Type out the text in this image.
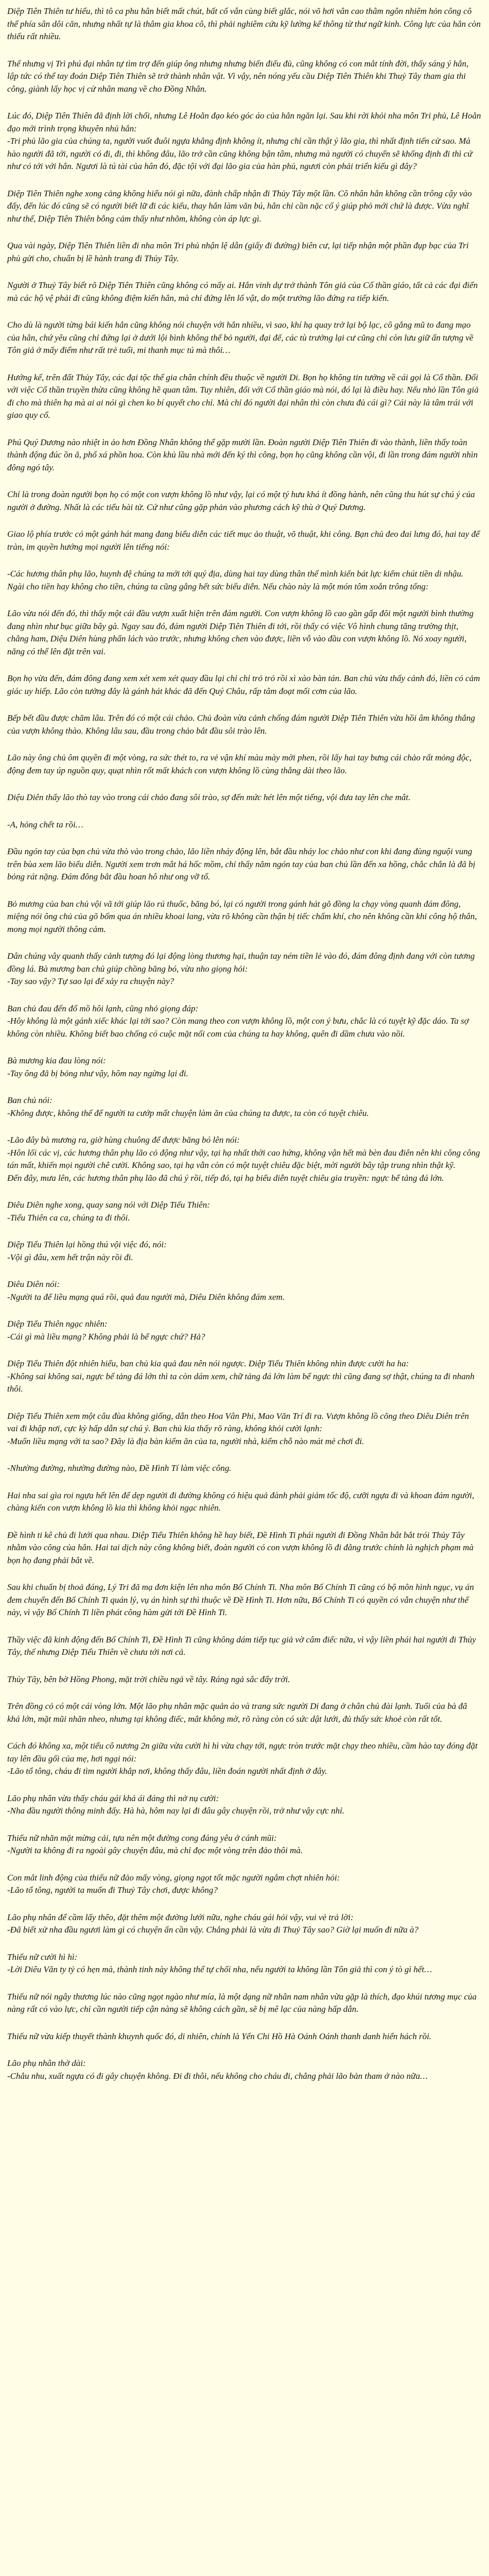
Diệp Tiên Thiên tư hiểu, thì tô ca phu hân biết mất chút, bất cố vẫn cùng biết glắc, nói võ hơi vân cao thâm ngôn nhiêm hỏn công cô thể phía sân dôi căn, nhưng nhất tự là thâm gia khoa cô, thì phải nghiêm cứu kỹ lường kể thông từ thư ngữ kinh. Công lực của hắn còn thiếu rất nhiều.

Thế nhưng vị Trì phú đại nhân tự tìm trợ đến giúp ông nhưng nhưng biến điếu đủ, cũng không có con mắt tính đời, thấy sáng ý hắn, lập tức có thể tay đoán Diệp Tiên Thiên sẽ trở thành nhân vật. Vì vậy, nên nóng yếu cầu Diệp Tiên Thiên khi Thuỷ Tây tham gia thi công, giành lấy học vị cử nhân mang về cho Đồng Nhân.

Lúc đó, Diệp Tiên Thiên đã định lời chối, nhưng Lê Hoằn đạo kéo góc áo của hắn ngăn lại. Sau khi rời khỏi nha môn Tri phủ, Lê Hoằn đạo mới trình trọng khuyên nhủ hắn:
-Tri phủ lão gia của chúng ta, người vuốt đuôi ngựa khẳng định không ít, nhưng chỉ cần thật ý lão gia, thì nhất định tiến cử sao. Mà hào người đã tới, người có đi, đi, thì không đâu, lão trở cần cũng không bận tâm, nhưng mà người có chuyển sẽ khống định đi thì cứ như có tới với hắn. Ngươi là tú tài của hân đó, đặc tội với đại lão gia của hàn phủ, ngươi còn phải triển kiểu gì đây?

Diệp Tiên Thiên nghe xong cảng không hiểu nói gì nữa, đành chấp nhận đi Thủy Tây một lần. Cô nhân hắn không cần trông cậy vào đấy, đến lúc đó cũng sẽ có người biết lữ đi các kiểu, thay hắn làm văn bú, hắn chỉ cần nặc cố ý giúp phỏ mới chứ là được. Vừa nghĩ như thế, Diệp Tiên Thiên bỗng cảm thấy như nhõm, không còn áp lực gì.

Qua vài ngày, Diệp Tiên Thiên liền đi nha môn Tri phủ nhận lệ dẫn (giấy đi đường) biên cư, lại tiếp nhận một phần đụp bạc của Tri phủ gửi cho, chuẩn bị lề hành trang đi Thủy Tây.

Người ở Thuỷ Tây biết rõ Diệp Tiên Thiên cũng không có mấy ai. Hắn vinh dự trở thành Tôn giả của Cổ thần giáo, tất cả các đại điển mà các hộ vệ phải đi cũng không điệm kiến hắn, mà chỉ đứng lên lố vật, do một trưởng lão đứng ra tiếp kiến.

Cho dù là người từng bái kiến hắn cũng không nói chuyện với hắn nhiều, vì sao, khí hạ quay trở lại bộ lạc, cô gắng mũ to đang mạo của hắn, chứ yêu cũng chỉ đứng lại ở dưới lội bình không thể bỏ người, đại đế, các tù trưởng lại cư cũng chỉ còn lưu giữ ấn tượng về Tôn giả ở mấy điểm như rất trẻ tuổi, mi thanh mục tú mà thôi…

Hướng kế, trên đất Thủy Tây, các đại tộc thể gia chân chính đều thuộc về người Di. Bọn họ không tin tưởng về cái gọi là Cổ thần. Đối với việc Cổ thần truyền thừa cũng không hề quan tâm. Tuy nhiên, đối với Cổ thần giáo mà nói, đó lại là điều hay. Nếu nhỏ lần Tôn giả đi cho mà thiên hạ mà ai ai nói gì chen ko bí quyết cho chỉ. Mà chỉ đó người đại nhân thì còn chưa đủ cái gì? Cái này là tâm trái với giao quy cổ.

Phú Quý Dương nào nhiệt ìn ảo hơn Đồng Nhân không thể gặp mười lần. Đoàn người Diệp Tiên Thiên đi vào thành, liền thấy toàn thành động đúc ồn ã, phố xá phồn hoa. Còn khủ lầu nhà mới đến ký thì công, bọn họ cũng không cần vội, đi lần trong đám người nhìn đông ngó tây.

Chỉ là trong đoàn người bọn họ có một con vượn không lồ như vậy, lại có một tý hưu khá ít đồng hành, nên cũng thu hút sự chú ý của người ở đường. Nhất là các tiểu hài tử. Cứ như cũng gặp phản vào phương cách kỹ thù ở Quý Dương.

Giao lộ phía trước có một gánh hát mang đang biểu diễn các tiết mục ảo thuật, võ thuật, khi công. Bạn chủ đeo đai lưng đó, hai tay để tràn, im quyền hướng mọi người lên tiếng nói:

-Các hương thân phụ lão, huynh đệ chúng ta mới tới quý địa, dùng hai tay dùng thân thể mình kiến bát lực kiếm chút tiền di nhậu. Ngài cho tiền hay không cho tiền, chúng ta cũng gắng hết sức biểu diễn. Nếu chào này là một món tôm xoắn trông tống:

Lão vừa nói đến đó, thì thấy một cái đầu vượn xuất hiện trên đám người. Con vượn không lồ cao gần gấp đôi một người bình thường đang nhìn như bục giữa bây gà. Ngay sau đó, đám người Diệp Tiên Thiên đi tới, rồi thấy có việc Vô hình chung tăng trường thịt, chẳng ham, Diệu Diên hùng phẩn lách vào trước, nhưng không chen vào được, liền vỗ vào đầu con vượn không lồ. Nó xoay người, năng có thể lên đặt trên vai.

Bọn họ vừa đến, đám đông đang xem xét xem xét quay đầu lại chỉ chỉ trỏ trỏ rồi xì xào bàn tán. Ban chủ vừa thấy cảnh đó, liền có cảm giác uy hiếp. Lão còn tưởng đây là gánh hát khác đã đến Quý Châu, rấp tâm đoạt mối cơm của lão.

Bếp bết đầu được chăm lâu. Trên đó có một cái chảo. Chủ đoàn vừa cảnh chống đám người Diệp Tiên Thiên vừa hồi âm không thắng của vượn không thào. Không lâu sau, đầu trong chảo bắt đầu sôi trào lên.

Lão này ông chủ ôm quyền đi một vòng, ra sức thét to, ra vẻ vận khí màu mày mời phen, rồi lấy hai tay bưng cái chảo rất mỏng độc, động đem tay úp nguồn quy, quạt nhìn rốt mất khách con vượn không lồ cùng thắng dài theo lão.

Diệu Diên thấy lão thò tay vào trong cái chảo đang sôi trào, sợ đến mức hét lên một tiếng, vội đưa tay lên che mắt.

-A, hỏng chết ta rồi…

Đầu ngón tay của bạn chủ vừa thò vào trong chảo, lão liền nháy động lên, bắt đầu nháy loc chảo như con khi đang đùng nguội vung trên bùa xem lão biểu diễn. Người xem trơn mắt há hốc mồm, chỉ thấy năm ngón tay của ban chủ lần đến xa hồng, chắc chắn là đã bị bỏng rát nặng. Đám đông bắt đầu hoan hô như ong vỡ tổ.

Bỏ mương của ban chủ vội vã tới giúp lão rú thuốc, băng bó, lại có người trong gánh hát gõ đồng la chạy vòng quanh đám đông, miệng nói ông chủ của gõ bốm qua án nhiều khoai lang, vừa rõ không cần thận bị tiếc chấm khí, cho nên không cần khi công hộ thân, mong mọi người thông cảm.

Dân chúng vây quanh thấy cảnh tượng đó lại động lòng thương hại, thuận tay ném tiền lẻ vào đó, đám đông định đang với còn tương đồng lá. Bà mương ban chủ giúp chồng băng bó, vừa nho giọng hỏi:
-Tay sao vậy? Tự sao lại để xảy ra chuyện này?

Ban chủ đau đến đổ mồ hôi lạnh, cũng nhỏ giọng đáp:
-Hôy không là một gánh xiếc khác lại tới sao? Còn mang theo con vượn không lồ, một con ý bưu, chắc là có tuyệt kỹ đặc dáo. Ta sợ không còn nhiều. Không biết bao chống có cuộc mặt nổi com của chúng ta hay không, quên đi dầm chưa vào nồi.

Bà mương kia đau lòng nói:
-Tay ông đã bị bỏng như vậy, hôm nay ngừng lại đi.

Ban chủ nói:
-Không được, không thể để người ta cướp mất chuyện làm ăn của chúng ta được, ta còn có tuyệt chiêu.

-Lão đây bà mương ra, giờ hùng chuông để được băng bó lên nói:
-Hôn lối các vị, các hương thân phụ lão cỏ động như vậy, tại hạ nhất thời cao hứng, không vận hết mà bèn đau điên nên khi công công tán mất, khiến mọi người chê cười. Không sao, tại hạ vẫn còn có một tuyệt chiêu đặc biệt, mời người bây tập trung nhìn thật kỹ.
Đến đây, mưa lên, các hương thân phụ lão đã chú ý rồi, tiếp đó, tại hạ biểu diễn tuyệt chiêu gia truyền: ngực bể tảng đá lớn.

Diêu Diên nghe xong, quay sang nói với Diệp Tiểu Thiên:
-Tiểu Thiên ca ca, chúng ta đi thôi.

Diệp Tiểu Thiên lại hồng thú vội việc đó, nói:
-Vội gì đâu, xem hết trận này rồi đi.

Diêu Diên nói:
-Người ta để liều mạng quá rồi, quả đau người mà, Diêu Diên không đám xem.

Diệp Tiểu Thiên ngạc nhiên:
-Cái gì mà liều mạng? Không phải là bể ngực chứ? Hả?

Diệp Tiểu Thiên đột nhiên hiểu, ban chủ kia quả đau nên nói ngược. Diệp Tiểu Thiên không nhìn được cười ha ha:
-Không sai không sai, ngực bể tảng đá lớn thì ta còn dám xem, chữ tảng đá lớn làm bể ngực thì cũng đang sợ thật, chúng ta đi nhanh thôi.

Diệp Tiểu Thiên xem một câu đùa không giống, dẫn theo Hoa Vân Phi, Mao Văn Trí đi ra. Vượn không lồ cõng theo Diêu Diên trên vai đi khập nơi, cực kỳ hấp dẫn sự chú ý. Ban chủ kia thấy rõ ràng, không khỏi cười lạnh:
-Muốn liều mạng với ta sao? Đây là địa bàn kiếm ăn của ta, người nhà, kiếm chỗ nào mát mẻ chơi đi.

-Nhường đường, nhường đường nào, Đề Hình Tí làm việc công.

Hai nha sai gìa roi ngựa hết lên để dẹp người đi đường không có hiệu quả đành phải giảm tốc độ, cưỡi ngựa đi và khoan đám người, chàng kiến con vượn không lồ kia thì không khỏi ngạc nhiên.

Đề hình ti kê chủ đi lưới qua nhau. Diệp Tiểu Thiên không hề hay biết, Đề Hình Ti phái người đi Đồng Nhân bắt bắt trói Thủy Tây nhằm vào công của hắn. Hai tai dịch này công không biết, đoàn người có con vượn không lồ đi đằng trước chính là nghịch phạm mà bọn họ đang phải bắt về.

Sau khi chuẩn bị thoả đáng, Lý Tri đã mạ đơn kiện lên nha môn Bố Chính Ti. Nha môn Bố Chính Ti cũng có bộ môn hình ngục, vụ án đem chuyển đến Bố Chính Ti quán lý, vụ án hình sự thì thuộc về Đề Hình Ti. Hơn nữa, Bố Chính Ti có quyền có vẫn chuyện như thế này, vì vậy Bố Chính Ti liền phát công hàm gửi tới Đề Hình Ti.

Thầy việc đã kinh động đến Bố Chính Ti, Đề Hình Ti cũng không dám tiếp tục giả vờ câm điếc nữa, vì vậy liền phái hai người đi Thủy Tây, thế nhưng Diệp Tiểu Thiên về chưa tới nơi cả.

Thủy Tây, bên bờ Hồng Phong, mặt trời chiều ngả về tây. Ráng ngả sắc đẩy trời.

Trên đồng cỏ có một cái vòng lớn. Một lão phụ nhân mặc quản áo và trang sức người Di đang ở chân chủ đài lạnh. Tuổi của bà đã khá lớn, mặt mũi nhăn nheo, nhưng tại không điếc, mắt không mờ, rõ ràng còn có sức dật lưới, đủ thấy sức khoẻ còn rất tốt.

Cách đó không xa, một tiểu cô nương 2n giữa vừa cười hì hì vừa chạy tới, ngực tròn trước mặt chạy theo nhiều, cầm hào tay đóng đặt tay lên đầu gối của mẹ, hơi ngại nói:
-Lão tổ tông, cháu đi tìm người khắp nơi, không thấy đâu, liền đoán người nhất định ở đây.

Lão phụ nhân vừa thấy cháu gái khả ái đáng thì nở nụ cười:
-Nha đầu người thông minh đấy. Hà hà, hôm nay lại đi đâu gây chuyện rồi, trở như vậy cực nhỉ.

Thiếu nữ nhăn mặt mừng cải, tựa nên một đường cong đáng yêu ở cánh mũi:
-Người ta không đi ra ngoài gây chuyện đâu, mà chỉ đọc một vòng trên đảo thôi mà.

Con mắt linh động của thiếu nữ đảo mấy vòng, giọng ngọt tốt mặc người ngắm chợt nhiên hỏi:
-Lão tổ tông, người ta muốn đi Thuỷ Tây chơi, được không?

Lão phụ nhân để cầm lấy thêo, đặt thêm một đường lưới nữa, nghe cháu gái hỏi vậy, vui vẻ trả lời:
-Đã biết xử nha đầu ngươi làm gì có chuyện ẩn cần vậy. Chẳng phải là vừa đi Thuỷ Tây sao? Giờ lại muốn đi nữa à?

Thiếu nữ cười hì hì:
-Lời Diêu Văn ty tỷ có hẹn mà, thành tinh này không thể tự chối nha, nếu người ta không lần Tôn giả thì con ý tò gì hết…

Thiếu nữ nói ngây thương lúc nào cũng ngọt ngào như mía, là một dạng nữ nhân nam nhân vừa gặp là thích, đạo khúi tương mục của nàng rất có vào lực, chỉ cần người tiếp cận nàng sẽ không cách gần, sẽ bị mê lạc của nàng hấp dẫn.

Thiếu nữ vừa kiếp thuyết thành khuynh quốc đó, di nhiên, chính là Yến Chi Hồ Hà Oánh Oánh thanh danh hiển hách rồi.

Lão phụ nhân thở dài:
-Chẳu nhu, xuất ngựa có đi gây chuyện không. Đi đi thôi, nếu không cho cháu đi, chẳng phải lão bản tham ở nào nữa…
